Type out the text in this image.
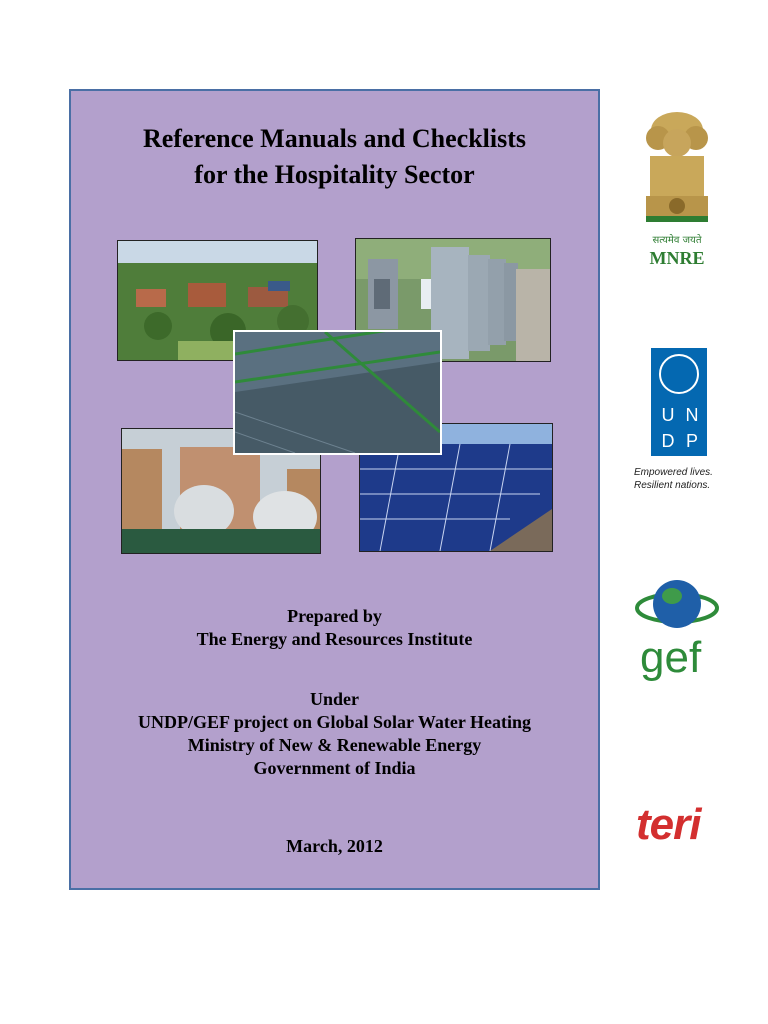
Reference Manuals and Checklists
for the Hospitality Sector
Prepared by
The Energy and Resources Institute
Under
UNDP/GEF project on Global Solar Water Heating
Ministry of New & Renewable Energy
Government of India
March, 2012
सत्यमेव जयते
MNRE
U N
D P
Empowered lives.
Resilient nations.
gef
teri
